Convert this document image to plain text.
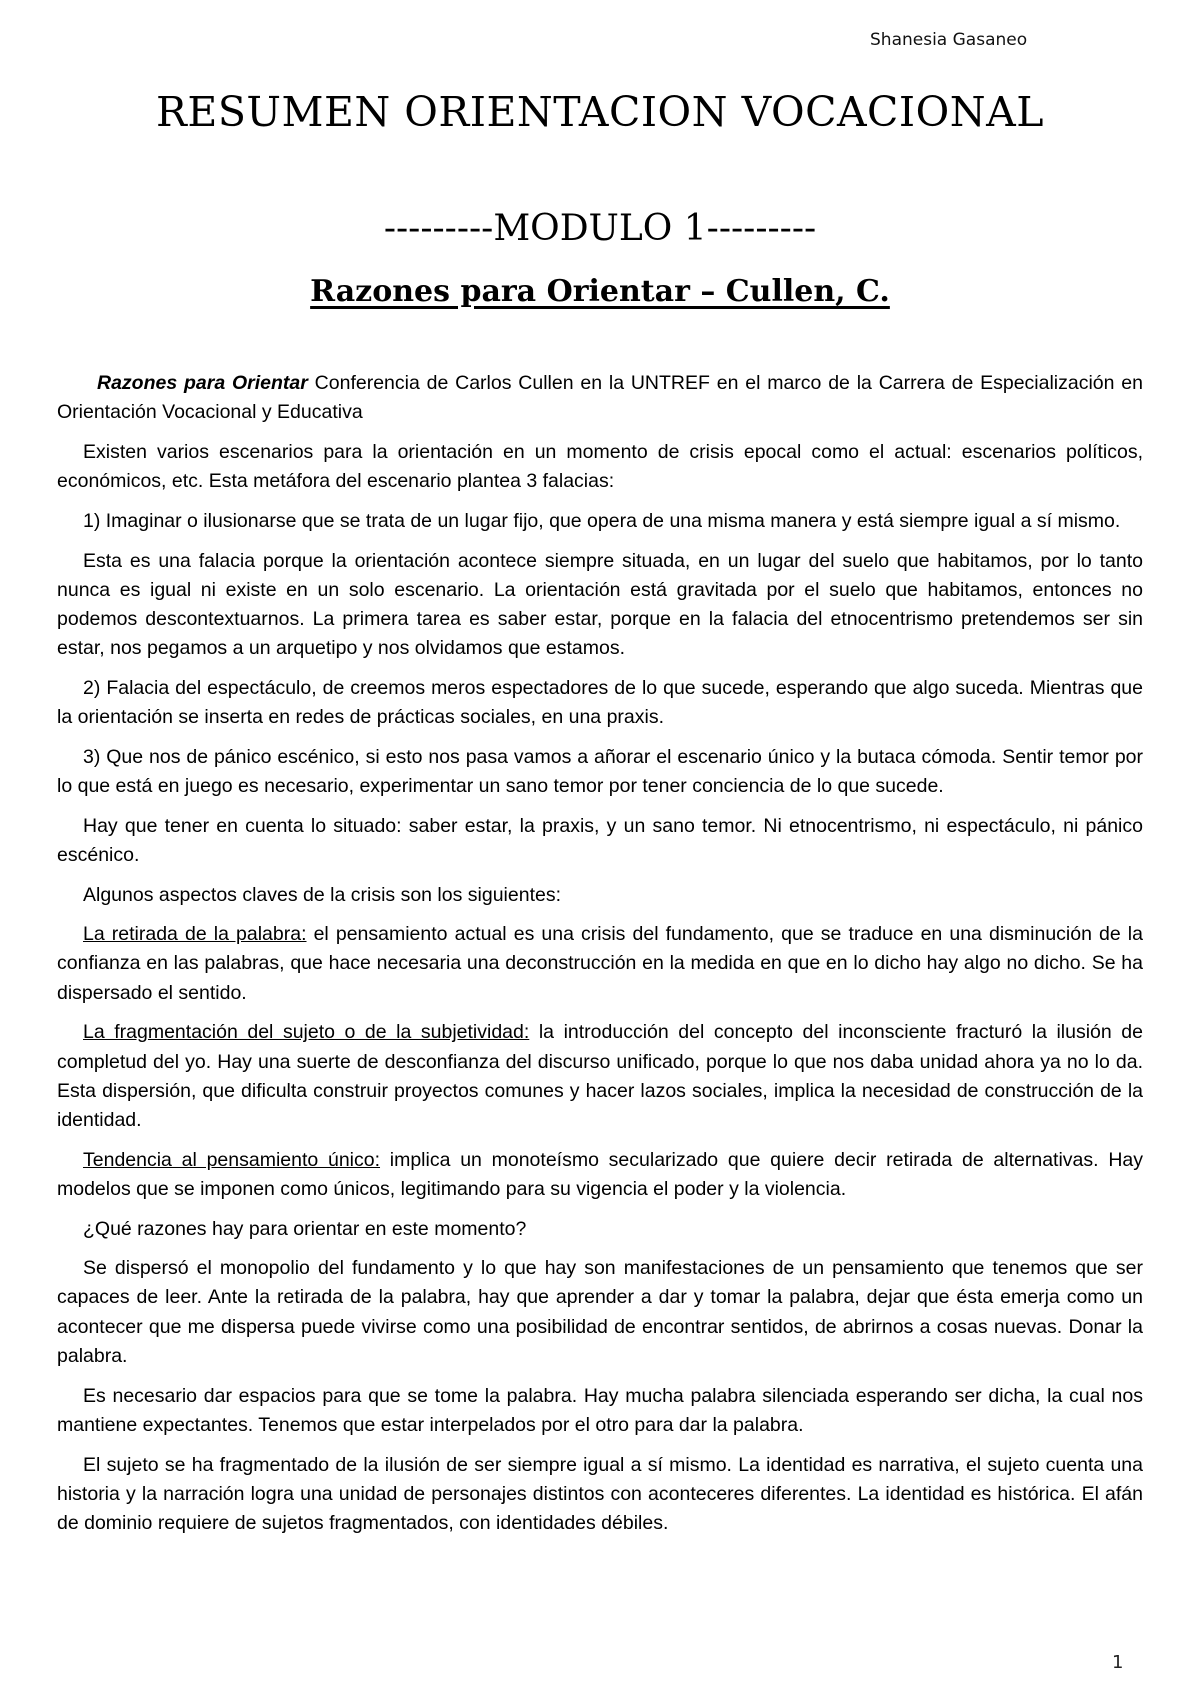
Shanesia Gasaneo
RESUMEN ORIENTACION VOCACIONAL
---------MODULO 1---------
Razones para Orientar – Cullen, C.

Razones para Orientar Conferencia de Carlos Cullen en la UNTREF en el marco de la Carrera de Especialización en Orientación Vocacional y Educativa

Existen varios escenarios para la orientación en un momento de crisis epocal como el actual: escenarios políticos, económicos, etc. Esta metáfora del escenario plantea 3 falacias:

1) Imaginar o ilusionarse que se trata de un lugar fijo, que opera de una misma manera y está siempre igual a sí mismo.

Esta es una falacia porque la orientación acontece siempre situada, en un lugar del suelo que habitamos, por lo tanto nunca es igual ni existe en un solo escenario. La orientación está gravitada por el suelo que habitamos, entonces no podemos descontextuarnos. La primera tarea es saber estar, porque en la falacia del etnocentrismo pretendemos ser sin estar, nos pegamos a un arquetipo y nos olvidamos que estamos.

2) Falacia del espectáculo, de creemos meros espectadores de lo que sucede, esperando que algo suceda. Mientras que la orientación se inserta en redes de prácticas sociales, en una praxis.

3) Que nos de pánico escénico, si esto nos pasa vamos a añorar el escenario único y la butaca cómoda. Sentir temor por lo que está en juego es necesario, experimentar un sano temor por tener conciencia de lo que sucede.

Hay que tener en cuenta lo situado: saber estar, la praxis, y un sano temor. Ni etnocentrismo, ni espectáculo, ni pánico escénico.

Algunos aspectos claves de la crisis son los siguientes:

La retirada de la palabra: el pensamiento actual es una crisis del fundamento, que se traduce en una disminución de la confianza en las palabras, que hace necesaria una deconstrucción en la medida en que en lo dicho hay algo no dicho. Se ha dispersado el sentido.

La fragmentación del sujeto o de la subjetividad: la introducción del concepto del inconsciente fracturó la ilusión de completud del yo. Hay una suerte de desconfianza del discurso unificado, porque lo que nos daba unidad ahora ya no lo da. Esta dispersión, que dificulta construir proyectos comunes y hacer lazos sociales, implica la necesidad de construcción de la identidad.

Tendencia al pensamiento único: implica un monoteísmo secularizado que quiere decir retirada de alternativas. Hay modelos que se imponen como únicos, legitimando para su vigencia el poder y la violencia.

¿Qué razones hay para orientar en este momento?

Se dispersó el monopolio del fundamento y lo que hay son manifestaciones de un pensamiento que tenemos que ser capaces de leer. Ante la retirada de la palabra, hay que aprender a dar y tomar la palabra, dejar que ésta emerja como un acontecer que me dispersa puede vivirse como una posibilidad de encontrar sentidos, de abrirnos a cosas nuevas. Donar la palabra.

Es necesario dar espacios para que se tome la palabra. Hay mucha palabra silenciada esperando ser dicha, la cual nos mantiene expectantes. Tenemos que estar interpelados por el otro para dar la palabra.

El sujeto se ha fragmentado de la ilusión de ser siempre igual a sí mismo. La identidad es narrativa, el sujeto cuenta una historia y la narración logra una unidad de personajes distintos con aconteceres diferentes. La identidad es histórica. El afán de dominio requiere de sujetos fragmentados, con identidades débiles.

1
